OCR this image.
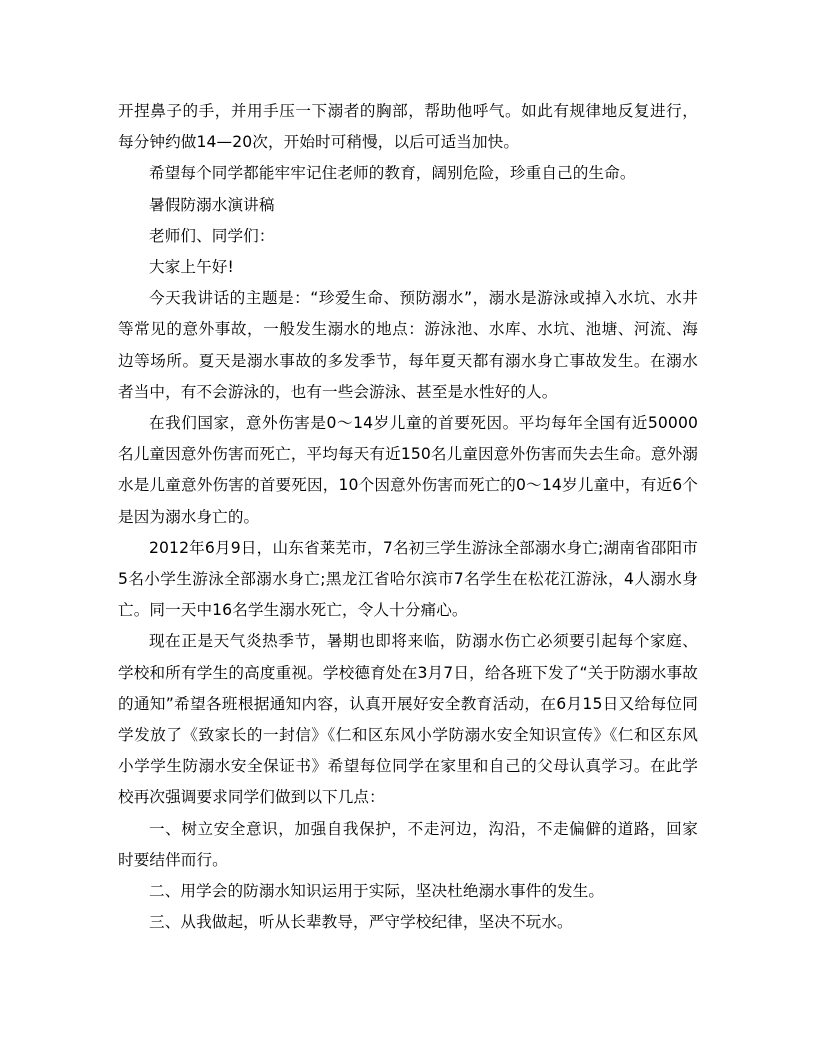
开捏鼻子的手，并用手压一下溺者的胸部，帮助他呼气。如此有规律地反复进行，每分钟约做14—20次，开始时可稍慢，以后可适当加快。

希望每个同学都能牢牢记住老师的教育，阔别危险，珍重自己的生命。

暑假防溺水演讲稿

老师们、同学们：

大家上午好!

今天我讲话的主题是：“珍爱生命、预防溺水”，溺水是游泳或掉入水坑、水井等常见的意外事故，一般发生溺水的地点：游泳池、水库、水坑、池塘、河流、海边等场所。夏天是溺水事故的多发季节，每年夏天都有溺水身亡事故发生。在溺水者当中，有不会游泳的，也有一些会游泳、甚至是水性好的人。

在我们国家，意外伤害是0～14岁儿童的首要死因。平均每年全国有近50000名儿童因意外伤害而死亡，平均每天有近150名儿童因意外伤害而失去生命。意外溺水是儿童意外伤害的首要死因，10个因意外伤害而死亡的0～14岁儿童中，有近6个是因为溺水身亡的。

2012年6月9日，山东省莱芜市，7名初三学生游泳全部溺水身亡;湖南省邵阳市5名小学生游泳全部溺水身亡;黑龙江省哈尔滨市7名学生在松花江游泳，4人溺水身亡。同一天中16名学生溺水死亡，令人十分痛心。

现在正是天气炎热季节，暑期也即将来临，防溺水伤亡必须要引起每个家庭、学校和所有学生的高度重视。学校德育处在3月7日，给各班下发了“关于防溺水事故的通知”希望各班根据通知内容，认真开展好安全教育活动，在6月15日又给每位同学发放了《致家长的一封信》《仁和区东风小学防溺水安全知识宣传》《仁和区东风小学学生防溺水安全保证书》希望每位同学在家里和自己的父母认真学习。在此学校再次强调要求同学们做到以下几点：

一、树立安全意识，加强自我保护，不走河边，沟沿，不走偏僻的道路，回家时要结伴而行。

二、用学会的防溺水知识运用于实际，坚决杜绝溺水事件的发生。

三、从我做起，听从长辈教导，严守学校纪律，坚决不玩水。
